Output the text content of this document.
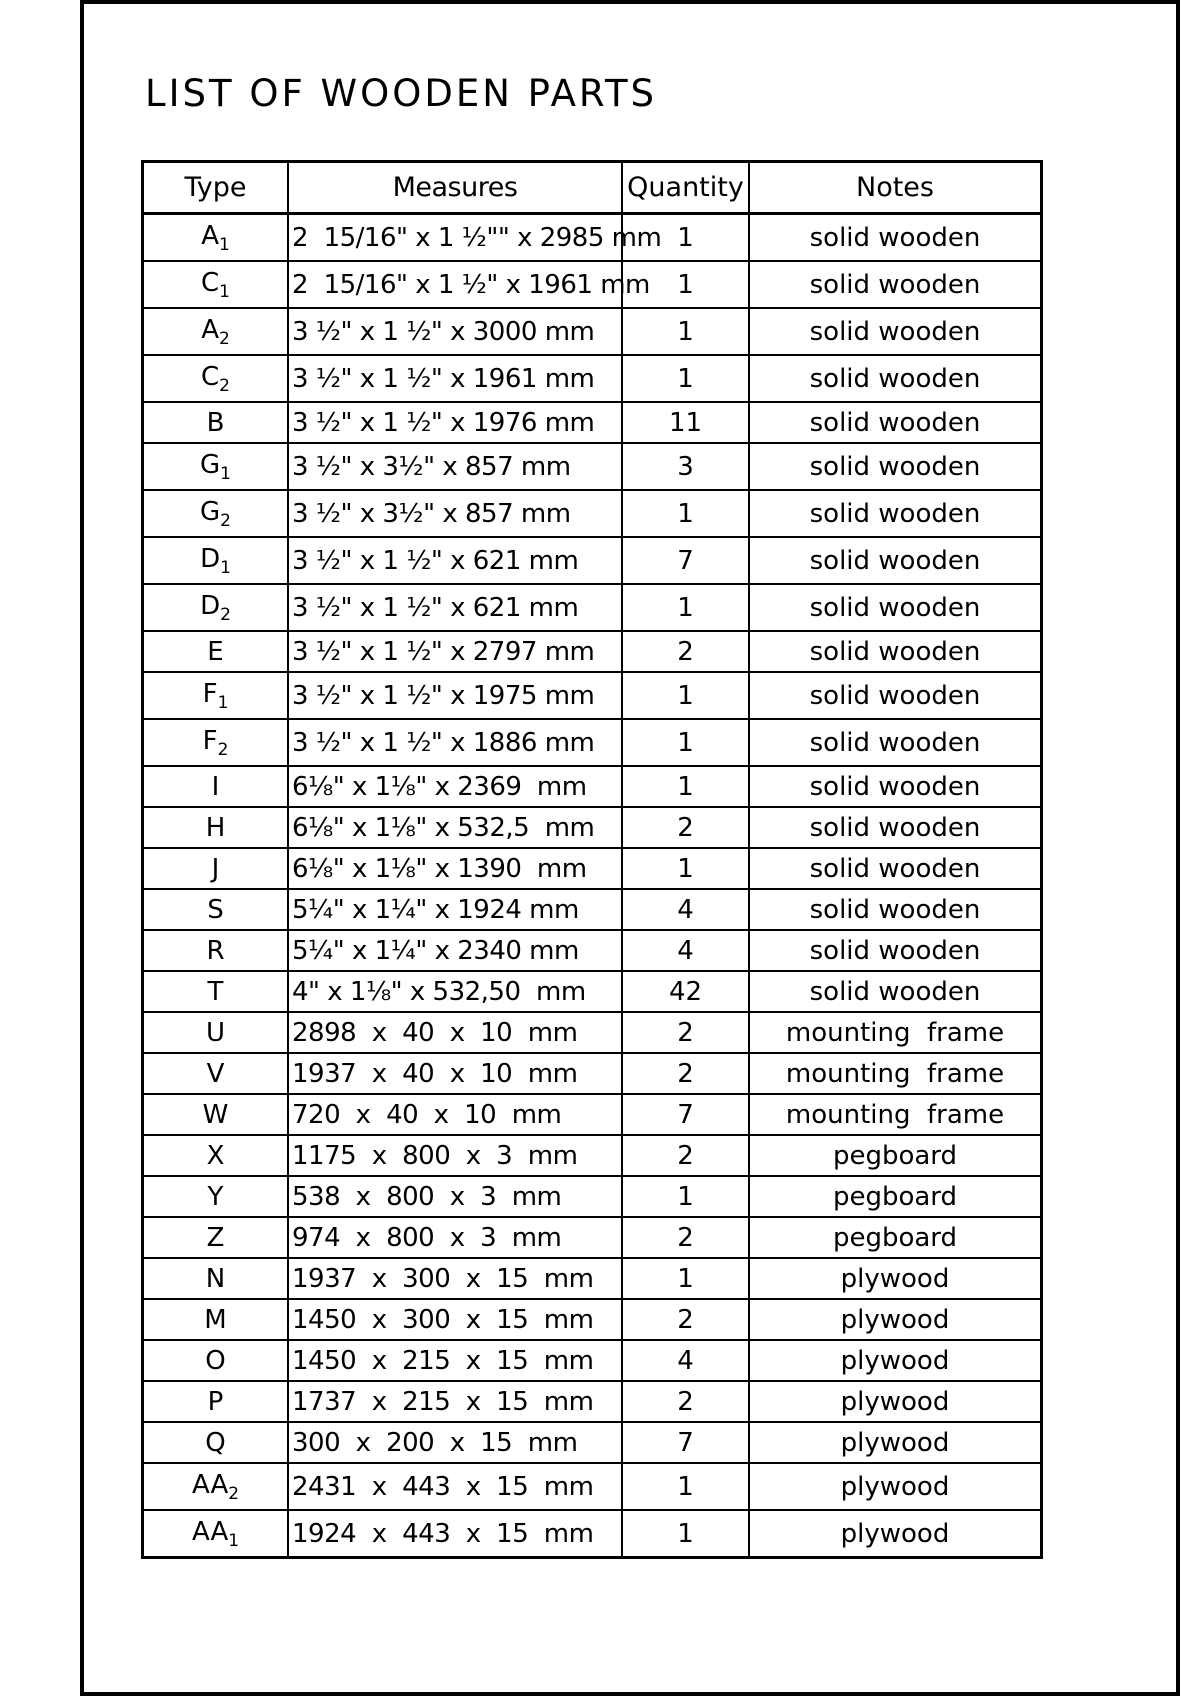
LIST OF WOODEN PARTS
Type	Measures	Quantity	Notes
$A_1$	2  15/16" x 1 ½"" x 2985 mm	1	solid wooden
$C_1$	2  15/16" x 1 ½" x 1961 mm	1	solid wooden
$A_2$	3 ½" x 1 ½" x 3000 mm	1	solid wooden
$C_2$	3 ½" x 1 ½" x 1961 mm	1	solid wooden
B	3 ½" x 1 ½" x 1976 mm	11	solid wooden
$G_1$	3 ½" x 3½" x 857 mm	3	solid wooden
$G_2$	3 ½" x 3½" x 857 mm	1	solid wooden
$D_1$	3 ½" x 1 ½" x 621 mm	7	solid wooden
$D_2$	3 ½" x 1 ½" x 621 mm	1	solid wooden
E	3 ½" x 1 ½" x 2797 mm	2	solid wooden
$F_1$	3 ½" x 1 ½" x 1975 mm	1	solid wooden
$F_2$	3 ½" x 1 ½" x 1886 mm	1	solid wooden
I	6⅛" x 1⅛" x 2369  mm	1	solid wooden
H	6⅛" x 1⅛" x 532,5  mm	2	solid wooden
J	6⅛" x 1⅛" x 1390  mm	1	solid wooden
S	5¼" x 1¼" x 1924 mm	4	solid wooden
R	5¼" x 1¼" x 2340 mm	4	solid wooden
T	4" x 1⅛" x 532,50  mm	42	solid wooden
U	2898  x  40  x  10  mm	2	mounting  frame
V	1937  x  40  x  10  mm	2	mounting  frame
W	720  x  40  x  10  mm	7	mounting  frame
X	1175  x  800  x  3  mm	2	pegboard
Y	538  x  800  x  3  mm	1	pegboard
Z	974  x  800  x  3  mm	2	pegboard
N	1937  x  300  x  15  mm	1	plywood
M	1450  x  300  x  15  mm	2	plywood
O	1450  x  215  x  15  mm	4	plywood
P	1737  x  215  x  15  mm	2	plywood
Q	300  x  200  x  15  mm	7	plywood
$AA_2$	2431  x  443  x  15  mm	1	plywood
$AA_1$	1924  x  443  x  15  mm	1	plywood
